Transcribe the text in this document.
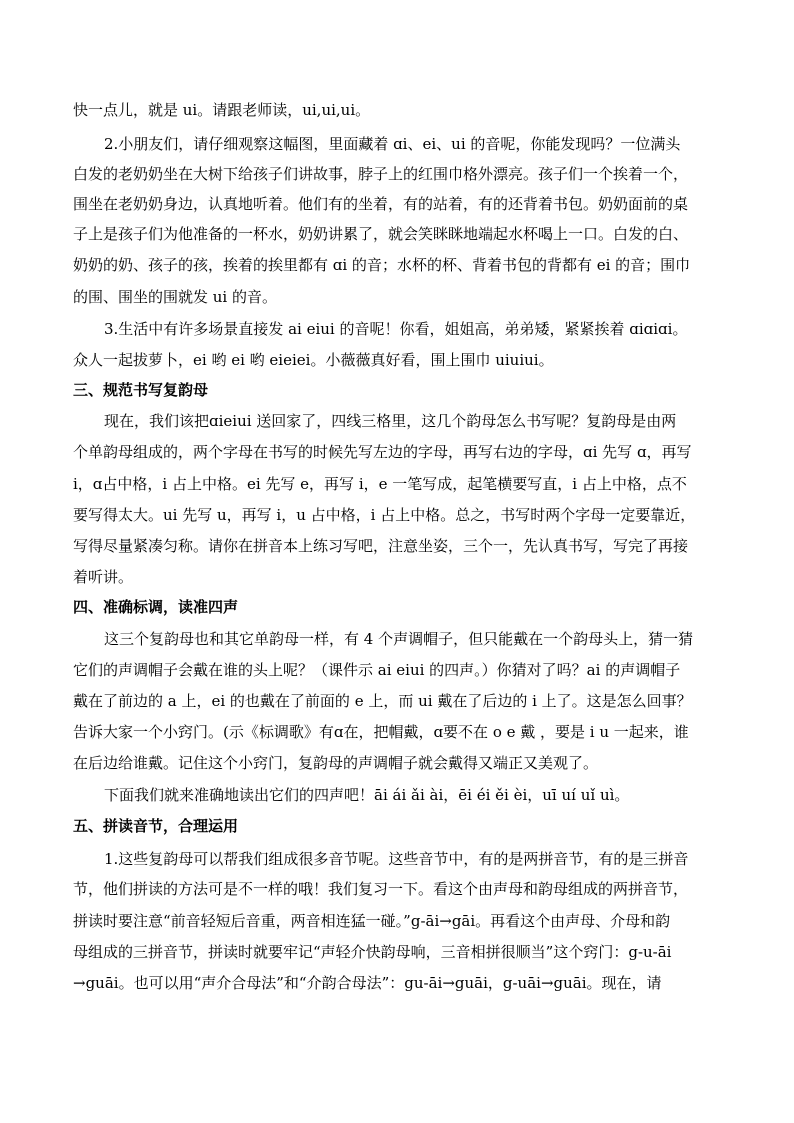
快一点儿，就是 ui。请跟老师读，ui,ui,ui。
2.小朋友们，请仔细观察这幅图，里面藏着 ɑi、ei、ui 的音呢，你能发现吗？一位满头
白发的老奶奶坐在大树下给孩子们讲故事，脖子上的红围巾格外漂亮。孩子们一个挨着一个，
围坐在老奶奶身边，认真地听着。他们有的坐着，有的站着，有的还背着书包。奶奶面前的桌
子上是孩子们为他准备的一杯水，奶奶讲累了，就会笑眯眯地端起水杯喝上一口。白发的白、
奶奶的奶、孩子的孩，挨着的挨里都有 ɑi 的音；水杯的杯、背着书包的背都有 ei 的音；围巾
的围、围坐的围就发 ui 的音。
3.生活中有许多场景直接发 ai eiui 的音呢！你看，姐姐高，弟弟矮，紧紧挨着 ɑiɑiɑi。
众人一起拔萝卜，ei 哟 ei 哟 eieiei。小薇薇真好看，围上围巾 uiuiui。
三、规范书写复韵母
现在，我们该把ɑieiui 送回家了，四线三格里，这几个韵母怎么书写呢？复韵母是由两
个单韵母组成的，两个字母在书写的时候先写左边的字母，再写右边的字母，ɑi 先写 ɑ，再写
i，ɑ占中格，i 占上中格。ei 先写 e，再写 i，e 一笔写成，起笔横要写直，i 占上中格，点不
要写得太大。ui 先写 u，再写 i，u 占中格，i 占上中格。总之，书写时两个字母一定要靠近，
写得尽量紧凑匀称。请你在拼音本上练习写吧，注意坐姿，三个一，先认真书写，写完了再接
着听讲。
四、准确标调，读准四声
这三个复韵母也和其它单韵母一样，有 4 个声调帽子，但只能戴在一个韵母头上，猜一猜
它们的声调帽子会戴在谁的头上呢？（课件示 ai eiui 的四声。）你猜对了吗？ai 的声调帽子
戴在了前边的 a 上，ei 的也戴在了前面的 e 上，而 ui 戴在了后边的 i 上了。这是怎么回事？
告诉大家一个小窍门。(示《标调歌》有ɑ在，把帽戴，ɑ要不在 o e 戴 ，要是 i u 一起来，谁
在后边给谁戴。记住这个小窍门，复韵母的声调帽子就会戴得又端正又美观了。
下面我们就来准确地读出它们的四声吧！āi ái ǎi ài，ēi éi ěi èi，uī uí uǐ uì。
五、拼读音节，合理运用
1.这些复韵母可以帮我们组成很多音节呢。这些音节中，有的是两拼音节，有的是三拼音
节，他们拼读的方法可是不一样的哦！我们复习一下。看这个由声母和韵母组成的两拼音节，
拼读时要注意“前音轻短后音重，两音相连猛一碰。”g-āi→gāi。再看这个由声母、介母和韵
母组成的三拼音节，拼读时就要牢记“声轻介快韵母响，三音相拼很顺当”这个窍门：g-u-āi
→guāi。也可以用“声介合母法”和“介韵合母法”：gu-āi→guāi，g-uāi→guāi。现在，请
